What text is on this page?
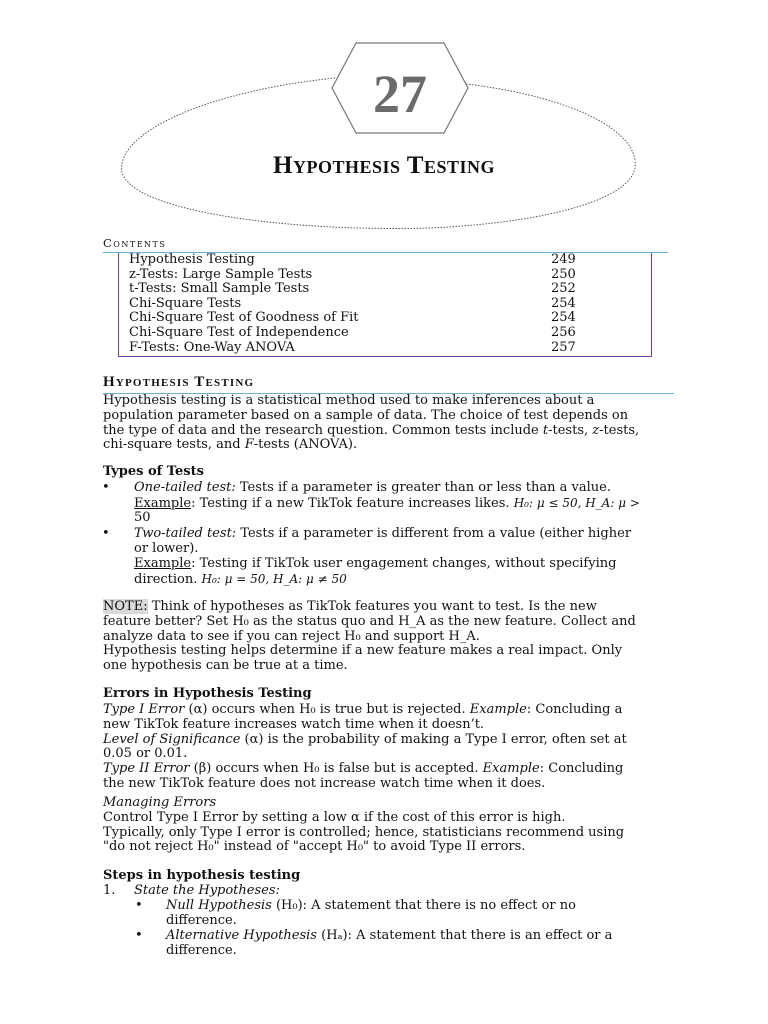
27
Hypothesis Testing
Contents
Hypothesis Testing	249
z-Tests: Large Sample Tests	250
t-Tests: Small Sample Tests	252
Chi-Square Tests	254
Chi-Square Test of Goodness of Fit	254
Chi-Square Test of Independence	256
F-Tests: One-Way ANOVA	257
Hypothesis Testing
Hypothesis testing is a statistical method used to make inferences about a
population parameter based on a sample of data. The choice of test depends on
the type of data and the research question. Common tests include t-tests, z-tests,
chi-square tests, and F-tests (ANOVA).
Types of Tests
• One-tailed test: Tests if a parameter is greater than or less than a value.
Example: Testing if a new TikTok feature increases likes. H₀: μ ≤ 50, H_A: μ >
50
• Two-tailed test: Tests if a parameter is different from a value (either higher
or lower).
Example: Testing if TikTok user engagement changes, without specifying
direction. H₀: μ = 50, H_A: μ ≠ 50
NOTE: Think of hypotheses as TikTok features you want to test. Is the new
feature better? Set H₀ as the status quo and H_A as the new feature. Collect and
analyze data to see if you can reject H₀ and support H_A.
Hypothesis testing helps determine if a new feature makes a real impact. Only
one hypothesis can be true at a time.
Errors in Hypothesis Testing
Type I Error (α) occurs when H₀ is true but is rejected. Example: Concluding a
new TikTok feature increases watch time when it doesn’t.
Level of Significance (α) is the probability of making a Type I error, often set at
0.05 or 0.01.
Type II Error (β) occurs when H₀ is false but is accepted. Example: Concluding
the new TikTok feature does not increase watch time when it does.
Managing Errors
Control Type I Error by setting a low α if the cost of this error is high.
Typically, only Type I error is controlled; hence, statisticians recommend using
"do not reject H₀" instead of "accept H₀" to avoid Type II errors.
Steps in hypothesis testing
1. State the Hypotheses:
• Null Hypothesis (H₀): A statement that there is no effect or no
difference.
• Alternative Hypothesis (Hₐ): A statement that there is an effect or a
difference.
